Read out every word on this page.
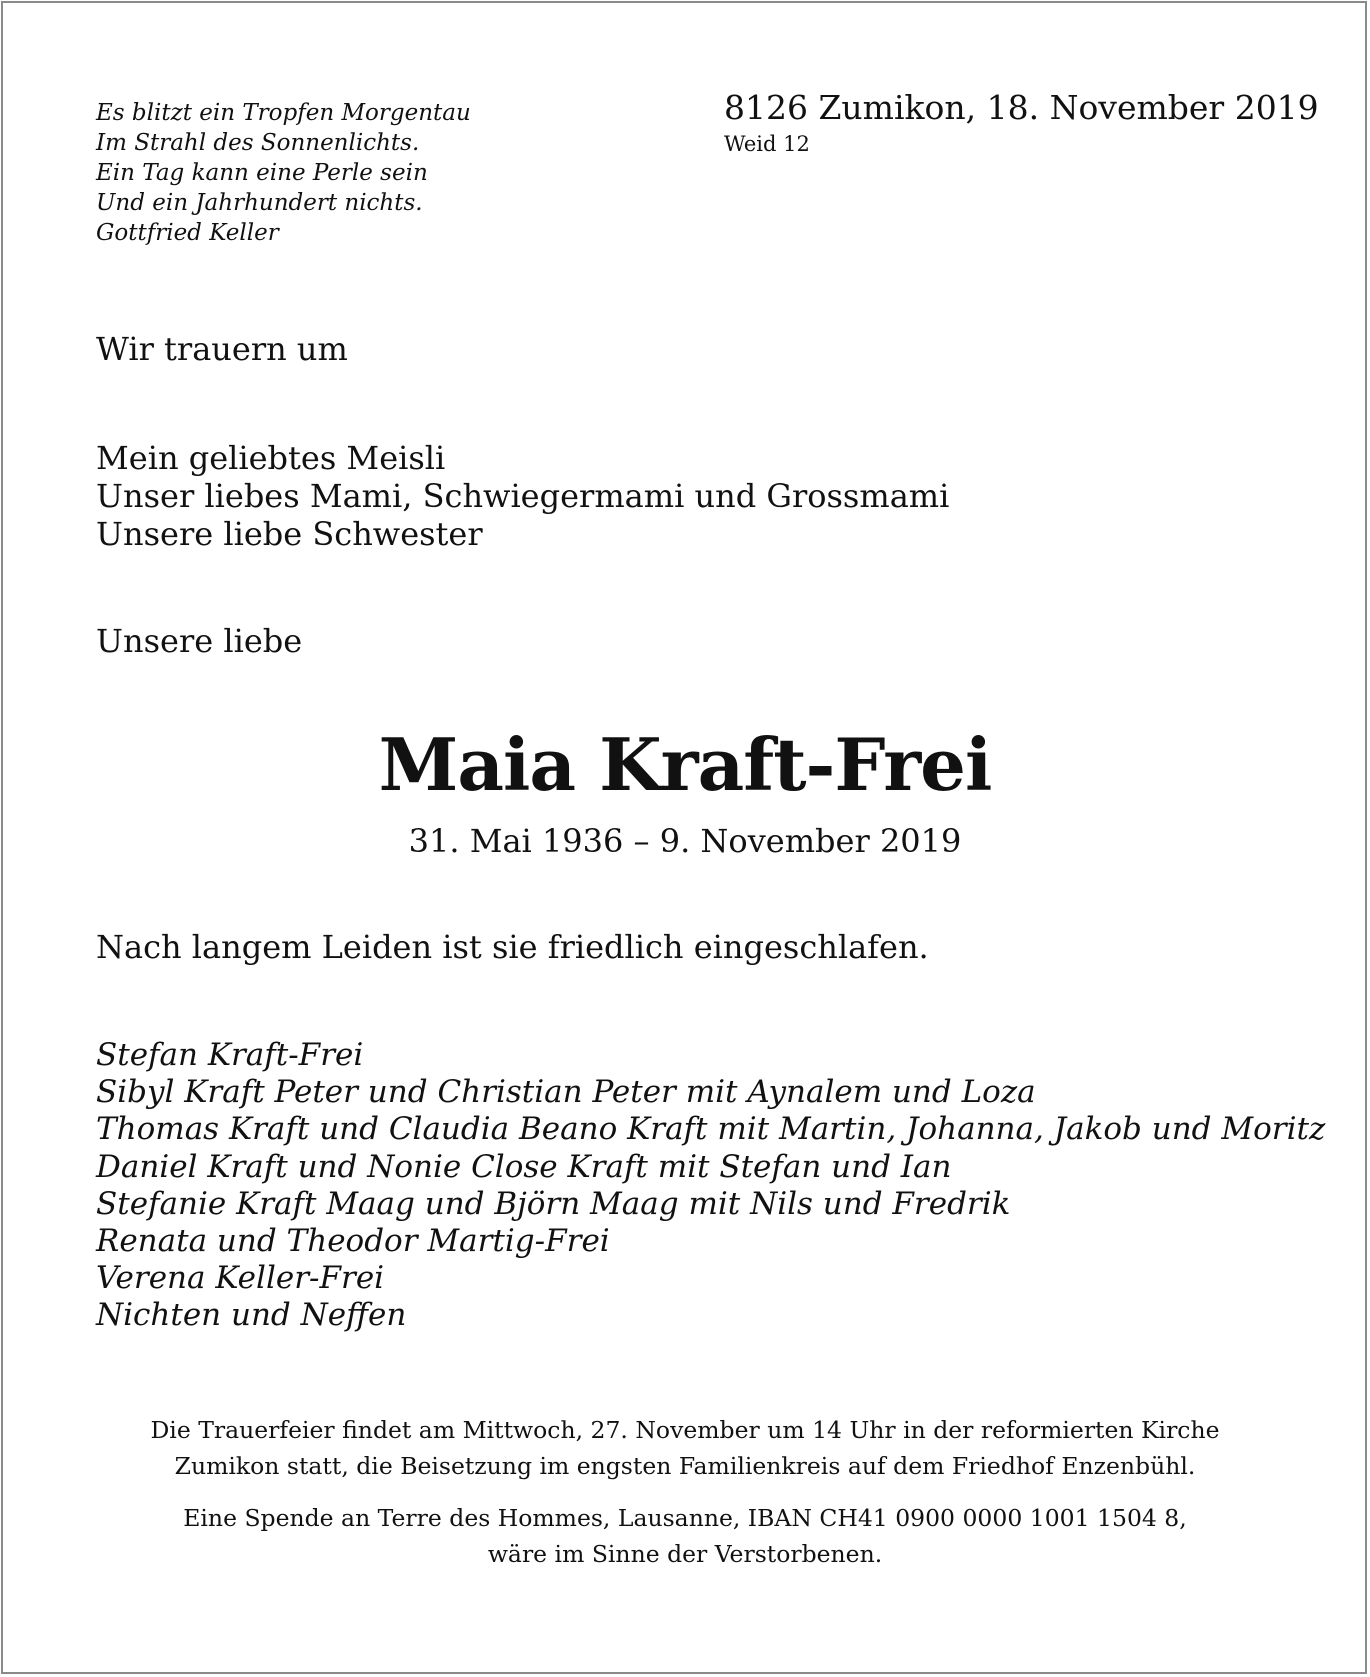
Es blitzt ein Tropfen Morgentau
Im Strahl des Sonnenlichts.
Ein Tag kann eine Perle sein
Und ein Jahrhundert nichts.
Gottfried Keller
8126 Zumikon, 18. November 2019
Weid 12
Wir trauern um
Mein geliebtes Meisli
Unser liebes Mami, Schwiegermami und Grossmami
Unsere liebe Schwester
Unsere liebe
Maia Kraft-Frei
31. Mai 1936 – 9. November 2019
Nach langem Leiden ist sie friedlich eingeschlafen.
Stefan Kraft-Frei
Sibyl Kraft Peter und Christian Peter mit Aynalem und Loza
Thomas Kraft und Claudia Beano Kraft mit Martin, Johanna, Jakob und Moritz
Daniel Kraft und Nonie Close Kraft mit Stefan und Ian
Stefanie Kraft Maag und Björn Maag mit Nils und Fredrik
Renata und Theodor Martig-Frei
Verena Keller-Frei
Nichten und Neffen
Die Trauerfeier findet am Mittwoch, 27. November um 14 Uhr in der reformierten Kirche
Zumikon statt, die Beisetzung im engsten Familienkreis auf dem Friedhof Enzenbühl.
Eine Spende an Terre des Hommes, Lausanne, IBAN CH41 0900 0000 1001 1504 8,
wäre im Sinne der Verstorbenen.
